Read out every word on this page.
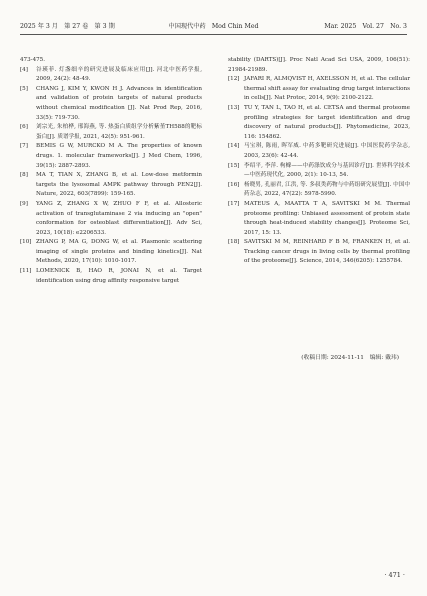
2025 年 3 月　第 27 卷　第 3 期	中国现代中药　Mod Chin Med	Mar. 2025　Vol. 27　No. 3
473-475.
[4] 谷瑛菲. 灯盏细辛的研究进展及临床应用[J]. 河北中医药学报, 2009, 24(2): 48-49.
[5] CHANG J, KIM Y, KWON H J. Advances in identification and validation of protein targets of natural products without chemical modification [J]. Nat Prod Rep, 2016, 33(5): 719-730.
[6] 刘宗光, 朱柏桦, 邢海燕, 等. 热蛋白质组学分析紫堇TH588的靶标蛋白[J]. 质谱学报, 2021, 42(5): 951-961.
[7] BEMIS G W, MURCKO M A. The properties of known drugs. 1. molecular frameworks[J]. J Med Chem, 1996, 39(15): 2887-2893.
[8] MA T, TIAN X, ZHANG B, et al. Low-dose metformin targets the lysosomal AMPK pathway through PEN2[J]. Nature, 2022, 603(7899): 159-165.
[9] YANG Z, ZHANG X W, ZHUO F F, et al. Allosteric activation of transglutaminase 2 via inducing an "open" conformation for osteoblast differentiation[J]. Adv Sci, 2023, 10(18): e2206533.
[10] ZHANG P, MA G, DONG W, et al. Plasmonic scattering imaging of single proteins and binding kinetics[J]. Nat Methods, 2020, 17(10): 1010-1017.
[11] LOMENICK B, HAO R, JONAI N, et al. Target identification using drug affinity responsive target
stability (DARTS)[J]. Proc Natl Acad Sci USA, 2009, 106(51): 21984-21989.
[12] JAFARI R, ALMQVIST H, AXELSSON H, et al. The cellular thermal shift assay for evaluating drug target interactions in cells[J]. Nat Protoc, 2014, 9(9): 2100-2122.
[13] TU Y, TAN L, TAO H, et al. CETSA and thermal proteome profiling strategies for target identification and drug discovery of natural products[J]. Phytomedicine, 2023, 116: 154862.
[14] 马宝琪, 陈雨, 晖军威. 中药多靶研究进展[J]. 中国医院药学杂志, 2003, 23(6): 42-44.
[15] 李绍平, 李萍. 枸橼——中药涤饮成分与基因诊疗[J]. 世界科学技术—中医药现代化, 2000, 2(1): 10-13, 54.
[16] 杨晓男, 孔丽君, 江洪, 等. 多叔类药物与中药组研究展望[J]. 中国中药杂志, 2022, 47(22): 5978-5990.
[17] MATEUS A, MAATTA T A, SAVITSKI M M. Thermal proteome profiling: Unbiased assessment of protein state through heat-induced stability changes[J]. Proteome Sci, 2017, 15: 13.
[18] SAVITSKI M M, REINHARD F B M, FRANKEN H, et al. Tracking cancer drugs in living cells by thermal profiling of the proteome[J]. Science, 2014, 346(6205): 1255784.
(收稿日期: 2024-11-11　编辑: 戴玮)
· 471 ·
